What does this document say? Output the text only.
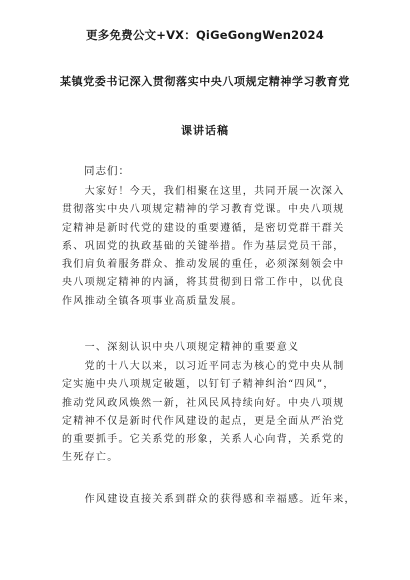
更多免费公文+VX：QiGeGongWen2024
某镇党委书记深入贯彻落实中央八项规定精神学习教育党
课讲话稿
同志们：
　　大家好！今天，我们相聚在这里，共同开展一次深入
贯彻落实中央八项规定精神的学习教育党课。中央八项规
定精神是新时代党的建设的重要遵循，是密切党群干群关
系、巩固党的执政基础的关键举措。作为基层党员干部，
我们肩负着服务群众、推动发展的重任，必须深刻领会中
央八项规定精神的内涵，将其贯彻到日常工作中，以优良
作风推动全镇各项事业高质量发展。
　　一、深刻认识中央八项规定精神的重要意义
　　党的十八大以来，以习近平同志为核心的党中央从制
定实施中央八项规定破题，以钉钉子精神纠治“四风”，
推动党风政风焕然一新，社风民风持续向好。中央八项规
定精神不仅是新时代作风建设的起点，更是全面从严治党
的重要抓手。它关系党的形象，关系人心向背，关系党的
生死存亡。
　　作风建设直接关系到群众的获得感和幸福感。近年来，
